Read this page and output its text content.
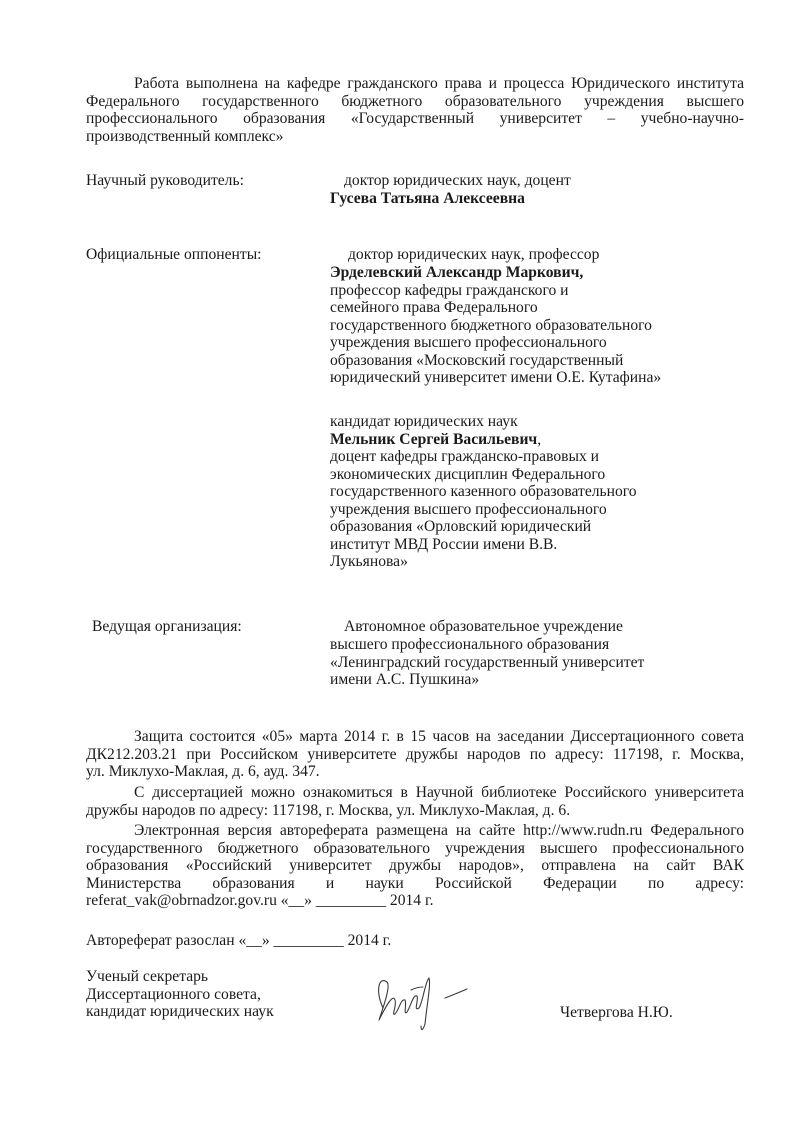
Работа выполнена на кафедре гражданского права и процесса Юридического института
Федерального государственного бюджетного образовательного учреждения высшего
профессионального образования «Государственный университет – учебно-научно-
производственный комплекс»
Научный руководитель:	доктор юридических наук, доцент
Гусева Татьяна Алексеевна
Официальные оппоненты:	доктор юридических наук, профессор
Эрделевский Александр Маркович,
профессор кафедры гражданского и
семейного права Федерального
государственного бюджетного образовательного
учреждения высшего профессионального
образования «Московский государственный
юридический университет имени О.Е. Кутафина»
кандидат юридических наук
Мельник Сергей Васильевич,
доцент кафедры гражданско-правовых и
экономических дисциплин Федерального
государственного казенного образовательного
учреждения высшего профессионального
образования «Орловский юридический
институт МВД России имени В.В.
Лукьянова»
Ведущая организация:	Автономное образовательное учреждение
высшего профессионального образования
«Ленинградский государственный университет
имени А.С. Пушкина»
Защита состоится «05» марта 2014 г. в 15 часов на заседании Диссертационного совета
ДК212.203.21 при Российском университете дружбы народов по адресу: 117198, г. Москва,
ул. Миклухо-Маклая, д. 6, ауд. 347.
С диссертацией можно ознакомиться в Научной библиотеке Российского университета
дружбы народов по адресу: 117198, г. Москва, ул. Миклухо-Маклая, д. 6.
Электронная версия автореферата размещена на сайте http://www.rudn.ru Федерального
государственного бюджетного образовательного учреждения высшего профессионального
образования «Российский университет дружбы народов», отправлена на сайт ВАК
Министерства образования и науки Российской Федерации по адресу:
referat_vak@obrnadzor.gov.ru «__» _________ 2014 г.
Автореферат разослан «__» _________ 2014 г.
Ученый секретарь
Диссертационного совета,
кандидат юридических наук	Четвергова Н.Ю.
